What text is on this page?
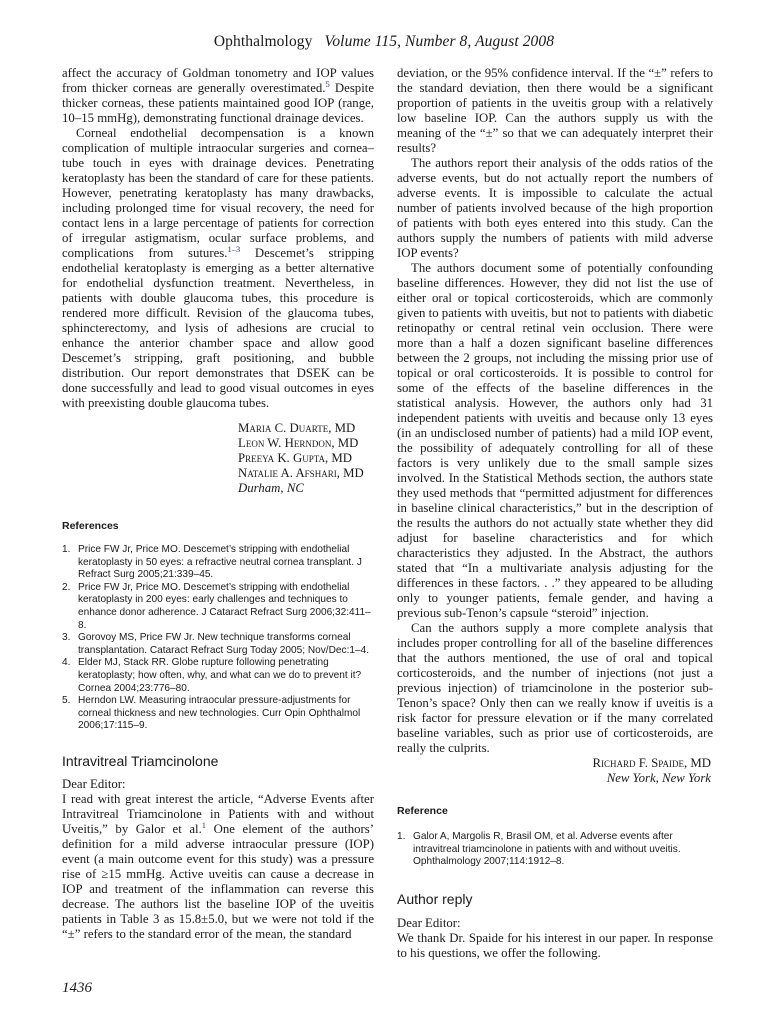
Ophthalmology Volume 115, Number 8, August 2008

affect the accuracy of Goldman tonometry and IOP values from thicker corneas are generally overestimated.$^5$ Despite thicker corneas, these patients maintained good IOP (range, 10–15 mmHg), demonstrating functional drainage devices.

Corneal endothelial decompensation is a known complication of multiple intraocular surgeries and cornea–tube touch in eyes with drainage devices. Penetrating keratoplasty has been the standard of care for these patients. However, penetrating keratoplasty has many drawbacks, including prolonged time for visual recovery, the need for contact lens in a large percentage of patients for correction of irregular astigmatism, ocular surface problems, and complications from sutures.$^{1-3}$ Descemet’s stripping endothelial keratoplasty is emerging as a better alternative for endothelial dysfunction treatment. Nevertheless, in patients with double glaucoma tubes, this procedure is rendered more difficult. Revision of the glaucoma tubes, sphincterectomy, and lysis of adhesions are crucial to enhance the anterior chamber space and allow good Descemet’s stripping, graft positioning, and bubble distribution. Our report demonstrates that DSEK can be done successfully and lead to good visual outcomes in eyes with preexisting double glaucoma tubes.

Maria C. Duarte, MD
Leon W. Herndon, MD
Preeya K. Gupta, MD
Natalie A. Afshari, MD
Durham, NC

References

1. Price FW Jr, Price MO. Descemet’s stripping with endothelial keratoplasty in 50 eyes: a refractive neutral cornea transplant. J Refract Surg 2005;21:339–45.
2. Price FW Jr, Price MO. Descemet’s stripping with endothelial keratoplasty in 200 eyes: early challenges and techniques to enhance donor adherence. J Cataract Refract Surg 2006;32:411–8.
3. Gorovoy MS, Price FW Jr. New technique transforms corneal transplantation. Cataract Refract Surg Today 2005; Nov/Dec:1–4.
4. Elder MJ, Stack RR. Globe rupture following penetrating keratoplasty; how often, why, and what can we do to prevent it? Cornea 2004;23:776–80.
5. Herndon LW. Measuring intraocular pressure-adjustments for corneal thickness and new technologies. Curr Opin Ophthalmol 2006;17:115–9.

Intravitreal Triamcinolone

Dear Editor:

I read with great interest the article, “Adverse Events after Intravitreal Triamcinolone in Patients with and without Uveitis,” by Galor et al.$^1$ One element of the authors’ definition for a mild adverse intraocular pressure (IOP) event (a main outcome event for this study) was a pressure rise of ≥15 mmHg. Active uveitis can cause a decrease in IOP and treatment of the inflammation can reverse this decrease. The authors list the baseline IOP of the uveitis patients in Table 3 as 15.8±5.0, but we were not told if the “±” refers to the standard error of the mean, the standard

deviation, or the 95% confidence interval. If the “±” refers to the standard deviation, then there would be a significant proportion of patients in the uveitis group with a relatively low baseline IOP. Can the authors supply us with the meaning of the “±” so that we can adequately interpret their results?

The authors report their analysis of the odds ratios of the adverse events, but do not actually report the numbers of adverse events. It is impossible to calculate the actual number of patients involved because of the high proportion of patients with both eyes entered into this study. Can the authors supply the numbers of patients with mild adverse IOP events?

The authors document some of potentially confounding baseline differences. However, they did not list the use of either oral or topical corticosteroids, which are commonly given to patients with uveitis, but not to patients with diabetic retinopathy or central retinal vein occlusion. There were more than a half a dozen significant baseline differences between the 2 groups, not including the missing prior use of topical or oral corticosteroids. It is possible to control for some of the effects of the baseline differences in the statistical analysis. However, the authors only had 31 independent patients with uveitis and because only 13 eyes (in an undisclosed number of patients) had a mild IOP event, the possibility of adequately controlling for all of these factors is very unlikely due to the small sample sizes involved. In the Statistical Methods section, the authors state they used methods that “permitted adjustment for differences in baseline clinical characteristics,” but in the description of the results the authors do not actually state whether they did adjust for baseline characteristics and for which characteristics they adjusted. In the Abstract, the authors stated that “In a multivariate analysis adjusting for the differences in these factors. . .” they appeared to be alluding only to younger patients, female gender, and having a previous sub-Tenon’s capsule “steroid” injection.

Can the authors supply a more complete analysis that includes proper controlling for all of the baseline differences that the authors mentioned, the use of oral and topical corticosteroids, and the number of injections (not just a previous injection) of triamcinolone in the posterior sub-Tenon’s space? Only then can we really know if uveitis is a risk factor for pressure elevation or if the many correlated baseline variables, such as prior use of corticosteroids, are really the culprits.

Richard F. Spaide, MD
New York, New York

Reference

1. Galor A, Margolis R, Brasil OM, et al. Adverse events after intravitreal triamcinolone in patients with and without uveitis. Ophthalmology 2007;114:1912–8.

Author reply

Dear Editor:

We thank Dr. Spaide for his interest in our paper. In response to his questions, we offer the following.

1436
